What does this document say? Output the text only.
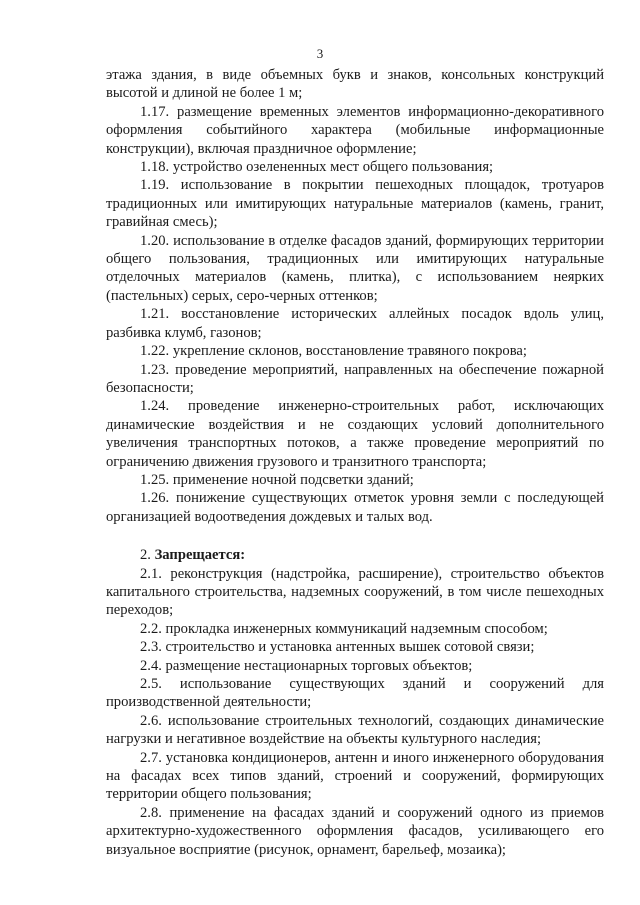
3

этажа здания, в виде объемных букв и знаков, консольных конструкций высотой и длиной не более 1 м;

1.17. размещение временных элементов информационно-декоративного оформления событийного характера (мобильные информационные конструкции), включая праздничное оформление;

1.18. устройство озелененных мест общего пользования;

1.19. использование в покрытии пешеходных площадок, тротуаров традиционных или имитирующих натуральные материалов (камень, гранит, гравийная смесь);

1.20. использование в отделке фасадов зданий, формирующих территории общего пользования, традиционных или имитирующих натуральные отделочных материалов (камень, плитка), с использованием неярких (пастельных) серых, серо-черных оттенков;

1.21. восстановление исторических аллейных посадок вдоль улиц, разбивка клумб, газонов;

1.22. укрепление склонов, восстановление травяного покрова;

1.23. проведение мероприятий, направленных на обеспечение пожарной безопасности;

1.24. проведение инженерно-строительных работ, исключающих динамические воздействия и не создающих условий дополнительного увеличения транспортных потоков, а также проведение мероприятий по ограничению движения грузового и транзитного транспорта;

1.25. применение ночной подсветки зданий;

1.26. понижение существующих отметок уровня земли с последующей организацией водоотведения дождевых и талых вод.

2. Запрещается:

2.1. реконструкция (надстройка, расширение), строительство объектов капитального строительства, надземных сооружений, в том числе пешеходных переходов;

2.2. прокладка инженерных коммуникаций надземным способом;

2.3. строительство и установка антенных вышек сотовой связи;

2.4. размещение нестационарных торговых объектов;

2.5. использование существующих зданий и сооружений для производственной деятельности;

2.6. использование строительных технологий, создающих динамические нагрузки и негативное воздействие на объекты культурного наследия;

2.7. установка кондиционеров, антенн и иного инженерного оборудования на фасадах всех типов зданий, строений и сооружений, формирующих территории общего пользования;

2.8. применение на фасадах зданий и сооружений одного из приемов архитектурно-художественного оформления фасадов, усиливающего его визуальное восприятие (рисунок, орнамент, барельеф, мозаика);
